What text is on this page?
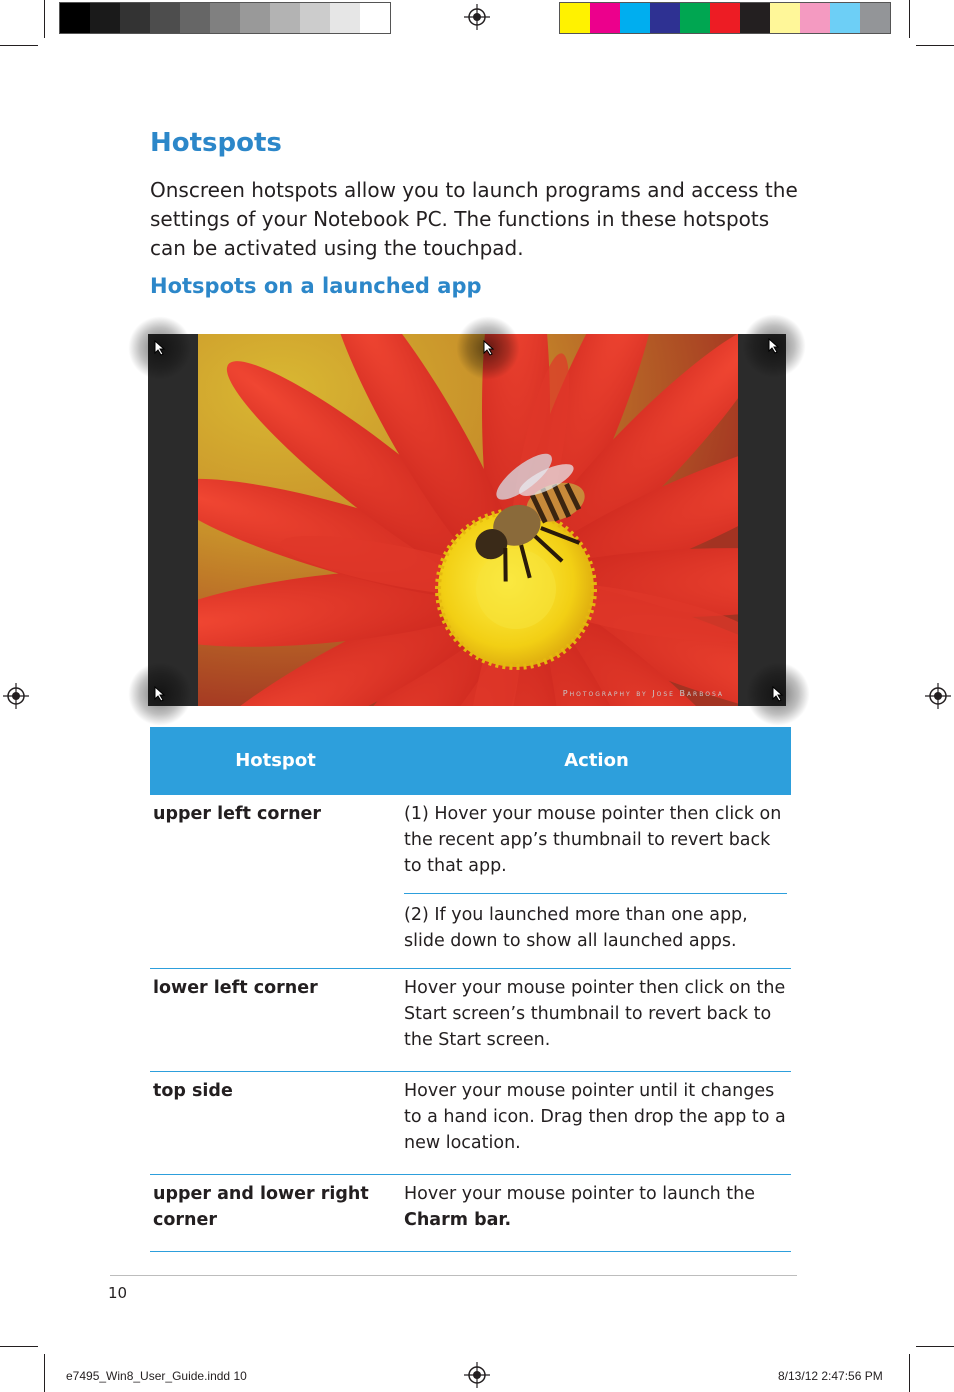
Hotspots

Onscreen hotspots allow you to launch programs and access the settings of your Notebook PC. The functions in these hotspots can be activated using the touchpad.

Hotspots on a launched app
Photography by Jose Barbosa
Hotspot	Action
upper left corner	(1) Hover your mouse pointer then click on the recent app’s thumbnail to revert back to that app.
(2) If you launched more than one app, slide down to show all launched apps.

lower left corner	Hover your mouse pointer then click on the Start screen’s thumbnail to revert back to the Start screen.

top side	Hover your mouse pointer until it changes to a hand icon. Drag then drop the app to a new location.

upper and lower right corner	Hover your mouse pointer to launch the Charm bar.
10
e7495_Win8_User_Guide.indd 10	8/13/12 2:47:56 PM
